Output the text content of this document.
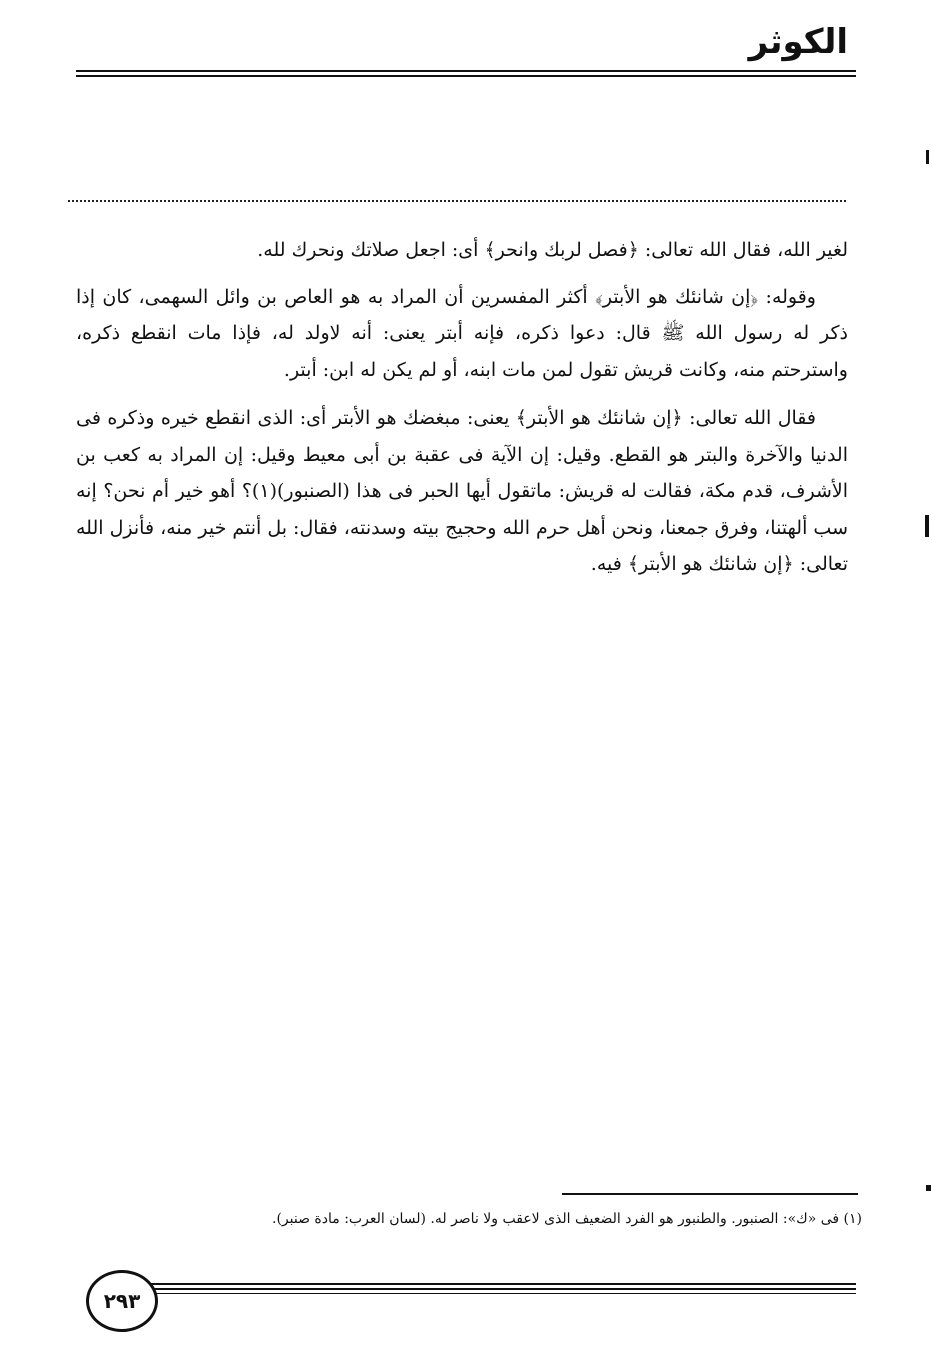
الكوثر

لغير الله، فقال الله تعالى: ﴿فصل لربك وانحر﴾ أى: اجعل صلاتك ونحرك لله.

وقوله: ﴿إن شانئك هو الأبتر﴾ أكثر المفسرين أن المراد به هو العاص بن وائل السهمى، كان إذا ذكر له رسول الله ﷺ قال: دعوا ذكره، فإنه أبتر يعنى: أنه لاولد له، فإذا مات انقطع ذكره، واسترحتم منه، وكانت قريش تقول لمن مات ابنه، أو لم يكن له ابن: أبتر.

فقال الله تعالى: ﴿إن شانئك هو الأبتر﴾ يعنى: مبغضك هو الأبتر أى: الذى انقطع خيره وذكره فى الدنيا والآخرة والبتر هو القطع. وقيل: إن الآية فى عقبة بن أبى معيط وقيل: إن المراد به كعب بن الأشرف، قدم مكة، فقالت له قريش: ماتقول أيها الحبر فى هذا (الصنبور)(١)؟ أهو خير أم نحن؟ إنه سب ألهتنا، وفرق جمعنا، ونحن أهل حرم الله وحجيج بيته وسدنته، فقال: بل أنتم خير منه، فأنزل الله تعالى: ﴿إن شانئك هو الأبتر﴾ فيه.

(١) فى «ك»: الصنبور. والطنبور هو الفرد الضعيف الذى لاعقب ولا ناصر له. (لسان العرب: مادة صنبر).
٢٩٣
